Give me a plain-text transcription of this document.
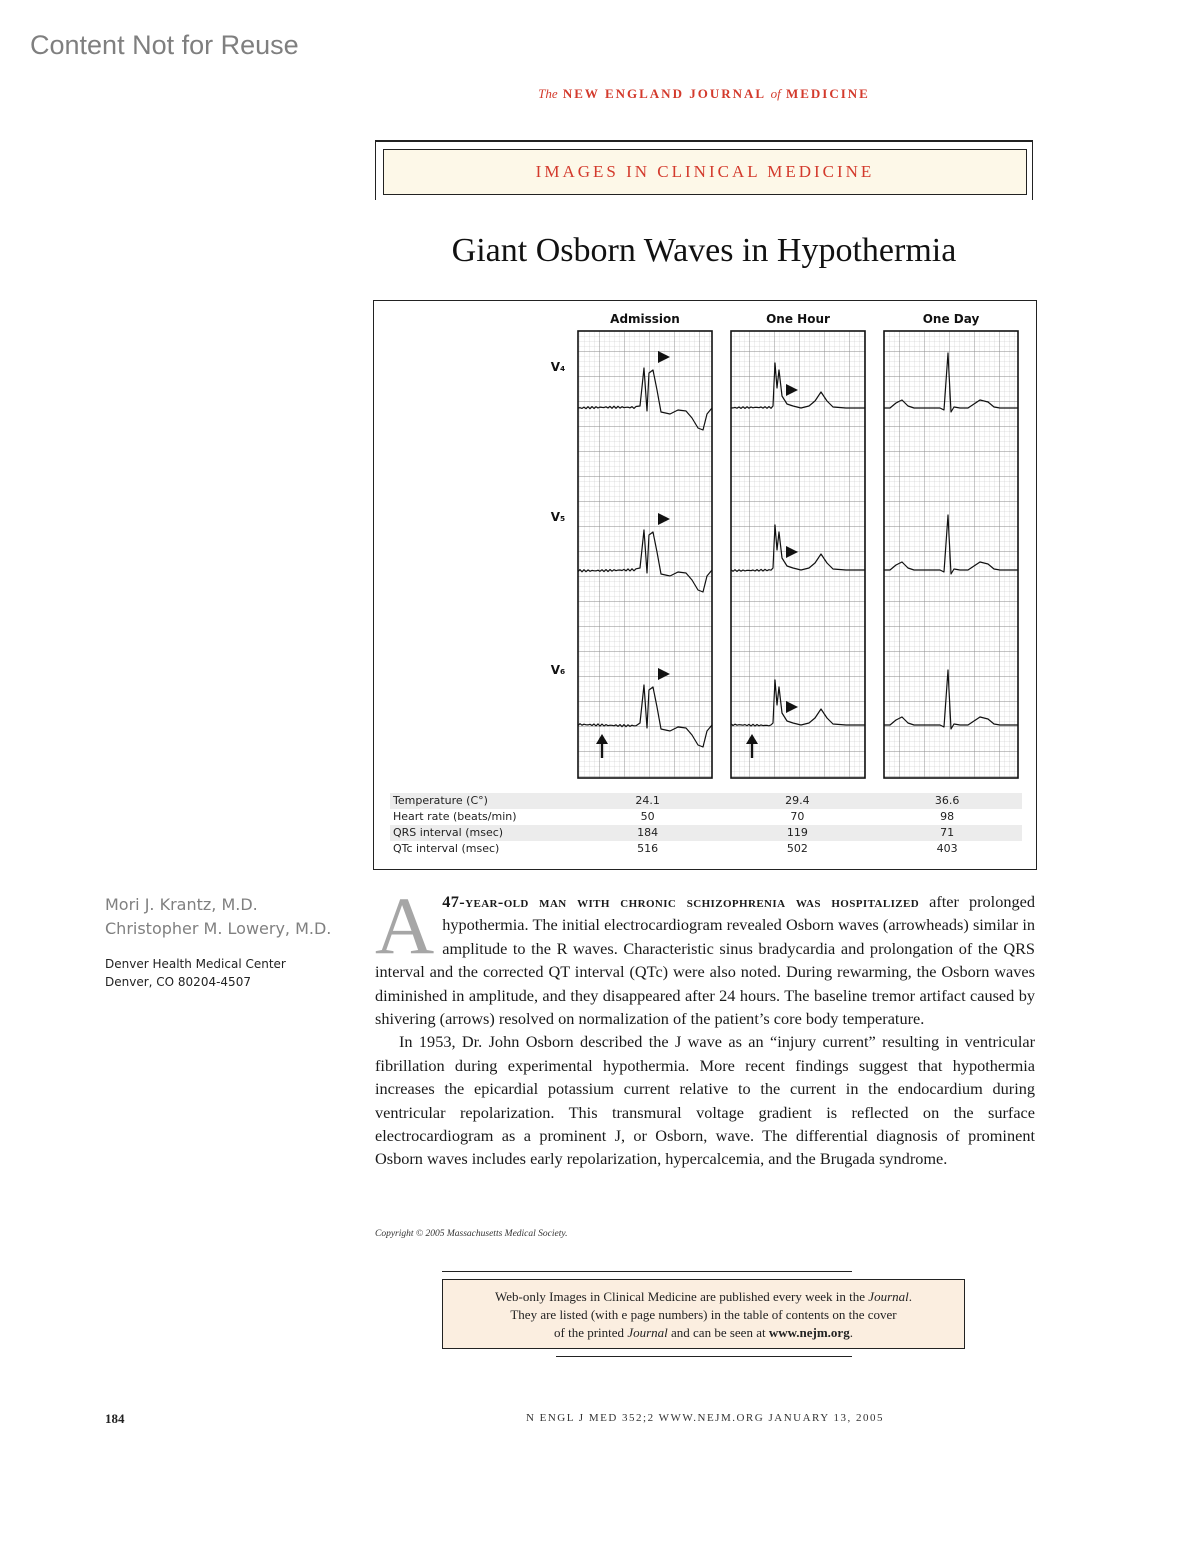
Content Not for Reuse
The NEW ENGLAND JOURNAL of MEDICINE
IMAGES IN CLINICAL MEDICINE
Giant Osborn Waves in Hypothermia
Admission	One Hour	One Day
V₄
V₅
V₆
Temperature (C°)	24.1	29.4	36.6
Heart rate (beats/min)	50	70	98
QRS interval (msec)	184	119	71
QTc interval (msec)	516	502	403
Mori J. Krantz, M.D.
Christopher M. Lowery, M.D.
Denver Health Medical Center
Denver, CO 80204-4507

A 47-year-old man with chronic schizophrenia was hospitalized after prolonged hypothermia. The initial electrocardiogram revealed Osborn waves (arrowheads) similar in amplitude to the R waves. Characteristic sinus bradycardia and prolongation of the QRS interval and the corrected QT interval (QTc) were also noted. During rewarming, the Osborn waves diminished in amplitude, and they disappeared after 24 hours. The baseline tremor artifact caused by shivering (arrows) resolved on normalization of the patient’s core body temperature.

In 1953, Dr. John Osborn described the J wave as an “injury current” resulting in ventricular fibrillation during experimental hypothermia. More recent findings suggest that hypothermia increases the epicardial potassium current relative to the current in the endocardium during ventricular repolarization. This transmural voltage gradient is reflected on the surface electrocardiogram as a prominent J, or Osborn, wave. The differential diagnosis of prominent Osborn waves includes early repolarization, hypercalcemia, and the Brugada syndrome.

Copyright © 2005 Massachusetts Medical Society.
Web-only Images in Clinical Medicine are published every week in the Journal.
They are listed (with e page numbers) in the table of contents on the cover
of the printed Journal and can be seen at www.nejm.org.
184	N ENGL J MED 352;2 WWW.NEJM.ORG JANUARY 13, 2005
